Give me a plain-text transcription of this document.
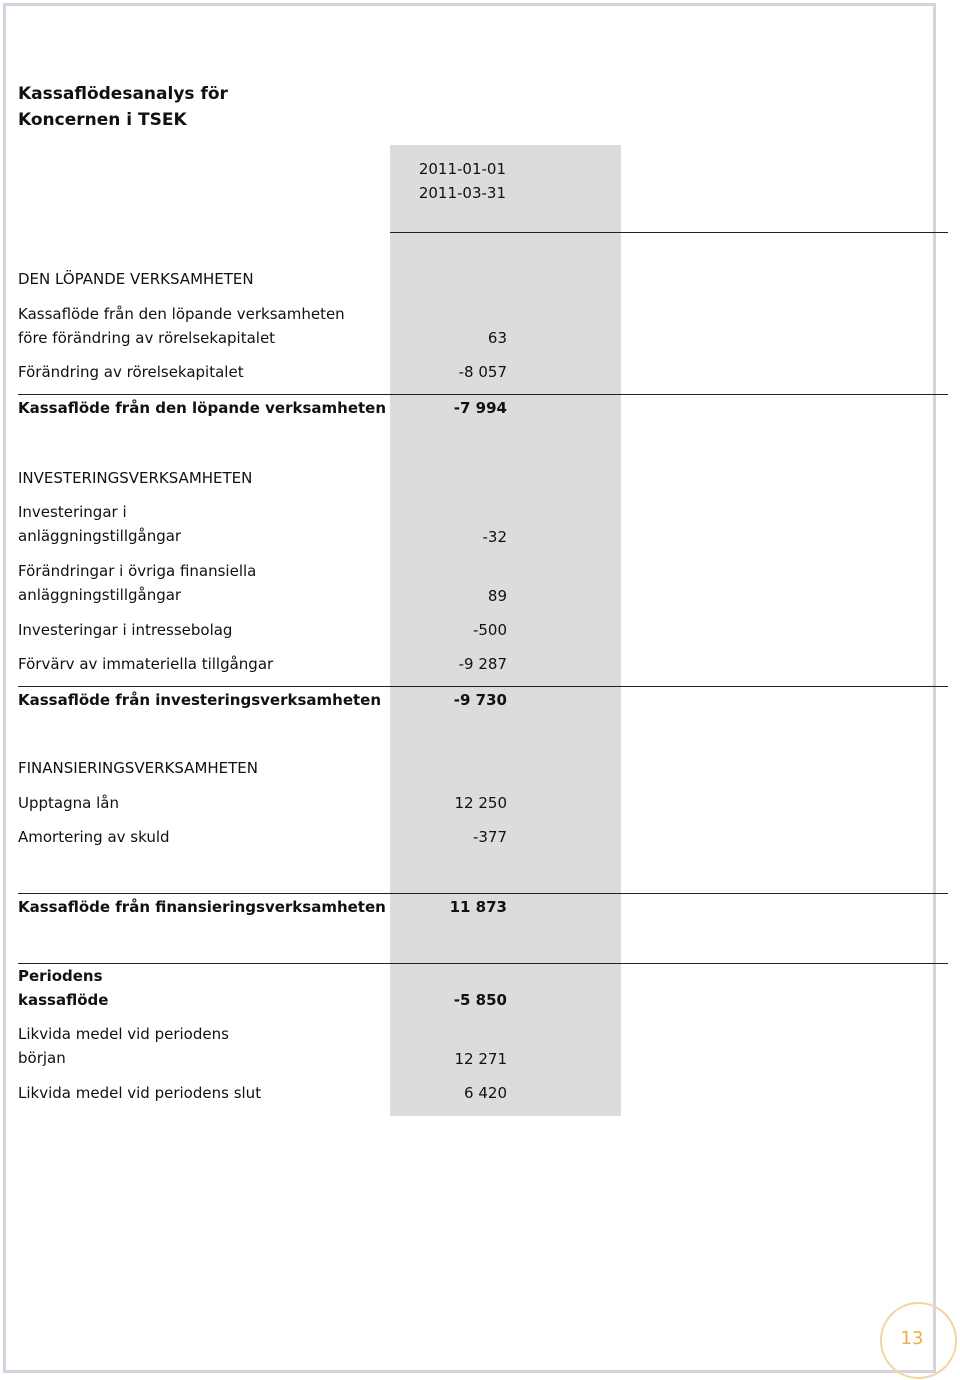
Kassaflödesanalys för
Koncernen i TSEK
2011-01-01
2011-03-31
DEN LÖPANDE VERKSAMHETEN
Kassaflöde från den löpande verksamheten
före förändring av rörelsekapitalet	63
Förändring av rörelsekapitalet	-8 057
Kassaflöde från den löpande verksamheten	-7 994
INVESTERINGSVERKSAMHETEN
Investeringar i
anläggningstillgångar	-32
Förändringar i övriga finansiella
anläggningstillgångar	89
Investeringar i intressebolag	-500
Förvärv av immateriella tillgångar	-9 287
Kassaflöde från investeringsverksamheten	-9 730
FINANSIERINGSVERKSAMHETEN
Upptagna lån	12 250
Amortering av skuld	-377
Kassaflöde från finansieringsverksamheten	11 873
Periodens
kassaflöde	-5 850
Likvida medel vid periodens
början	12 271
Likvida medel vid periodens slut	6 420
13
